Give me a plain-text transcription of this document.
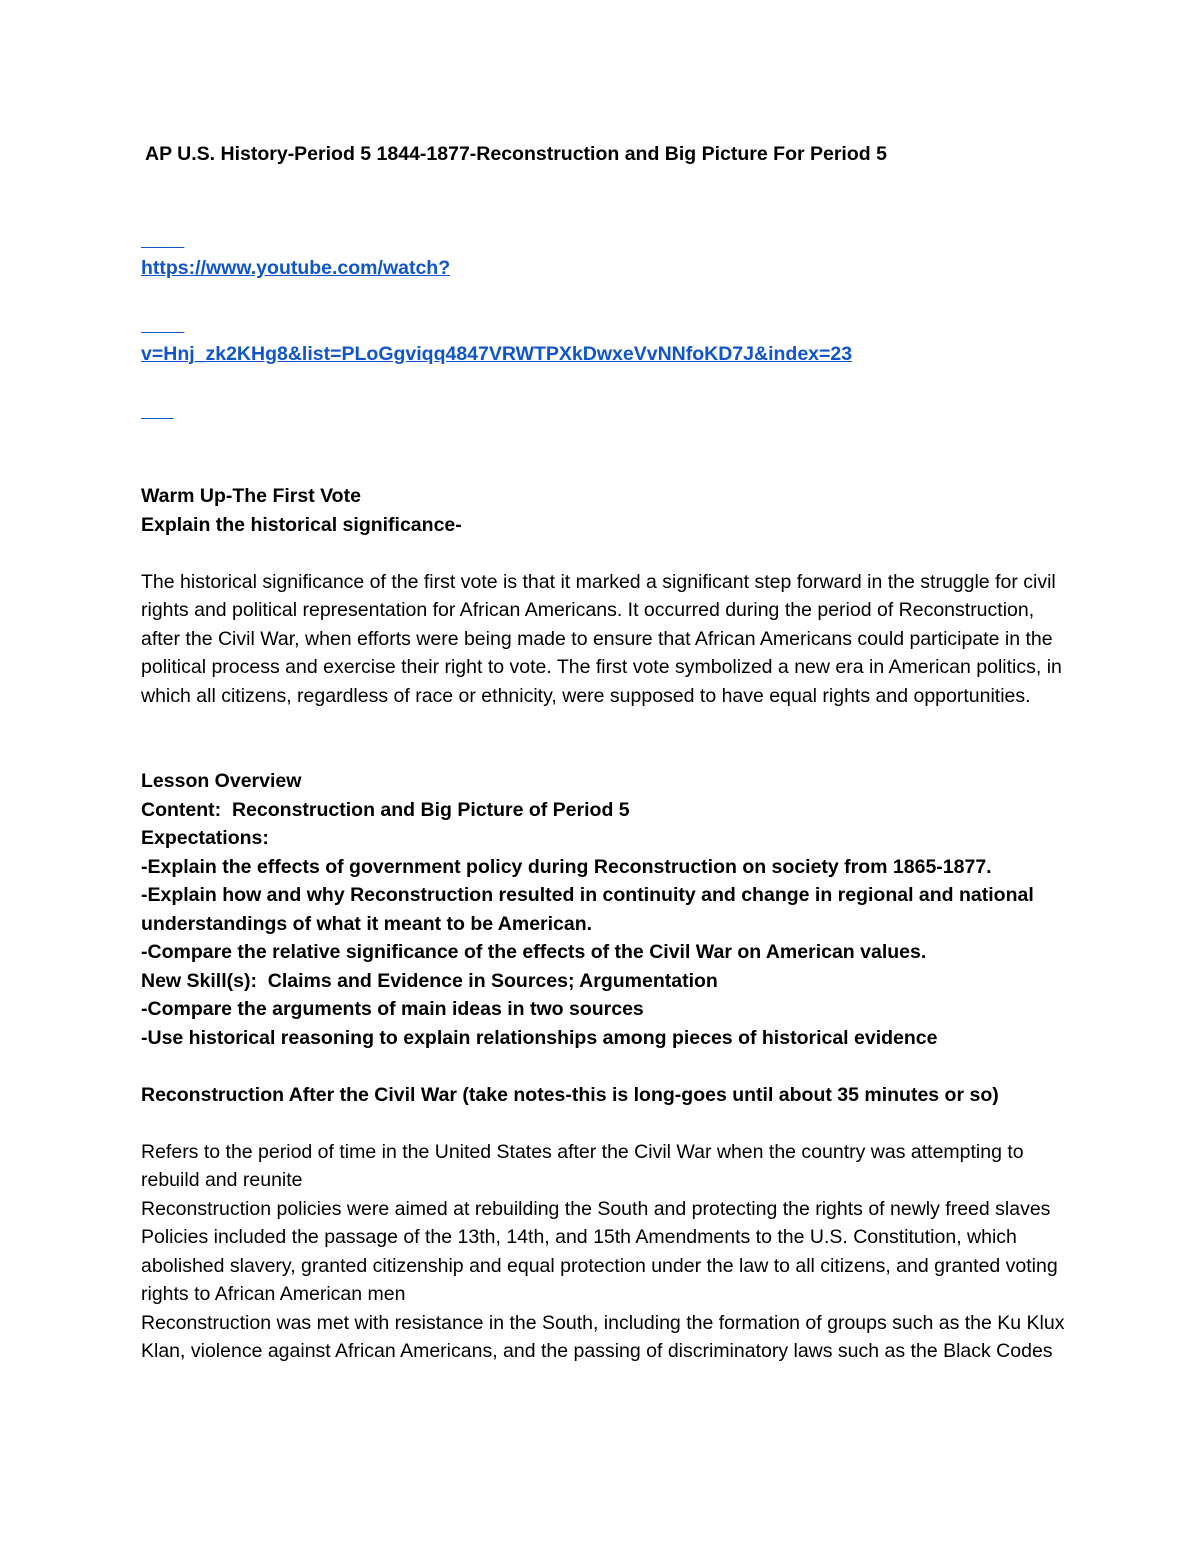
AP U.S. History-Period 5 1844-1877-Reconstruction and Big Picture For Period 5

https://www.youtube.com/watch?

v=Hnj_zk2KHg8&list=PLoGgviqq4847VRWTPXkDwxeVvNNfoKD7J&index=23

Warm Up-The First Vote
Explain the historical significance-

The historical significance of the first vote is that it marked a significant step forward in the struggle for civil rights and political representation for African Americans. It occurred during the period of Reconstruction, after the Civil War, when efforts were being made to ensure that African Americans could participate in the political process and exercise their right to vote. The first vote symbolized a new era in American politics, in which all citizens, regardless of race or ethnicity, were supposed to have equal rights and opportunities.

Lesson Overview
Content:  Reconstruction and Big Picture of Period 5
Expectations:
-Explain the effects of government policy during Reconstruction on society from 1865-1877.
-Explain how and why Reconstruction resulted in continuity and change in regional and national understandings of what it meant to be American.
-Compare the relative significance of the effects of the Civil War on American values.
New Skill(s):  Claims and Evidence in Sources; Argumentation
-Compare the arguments of main ideas in two sources
-Use historical reasoning to explain relationships among pieces of historical evidence
Reconstruction After the Civil War (take notes-this is long-goes until about 35 minutes or so)
Refers to the period of time in the United States after the Civil War when the country was attempting to rebuild and reunite
Reconstruction policies were aimed at rebuilding the South and protecting the rights of newly freed slaves
Policies included the passage of the 13th, 14th, and 15th Amendments to the U.S. Constitution, which abolished slavery, granted citizenship and equal protection under the law to all citizens, and granted voting rights to African American men
Reconstruction was met with resistance in the South, including the formation of groups such as the Ku Klux Klan, violence against African Americans, and the passing of discriminatory laws such as the Black Codes
